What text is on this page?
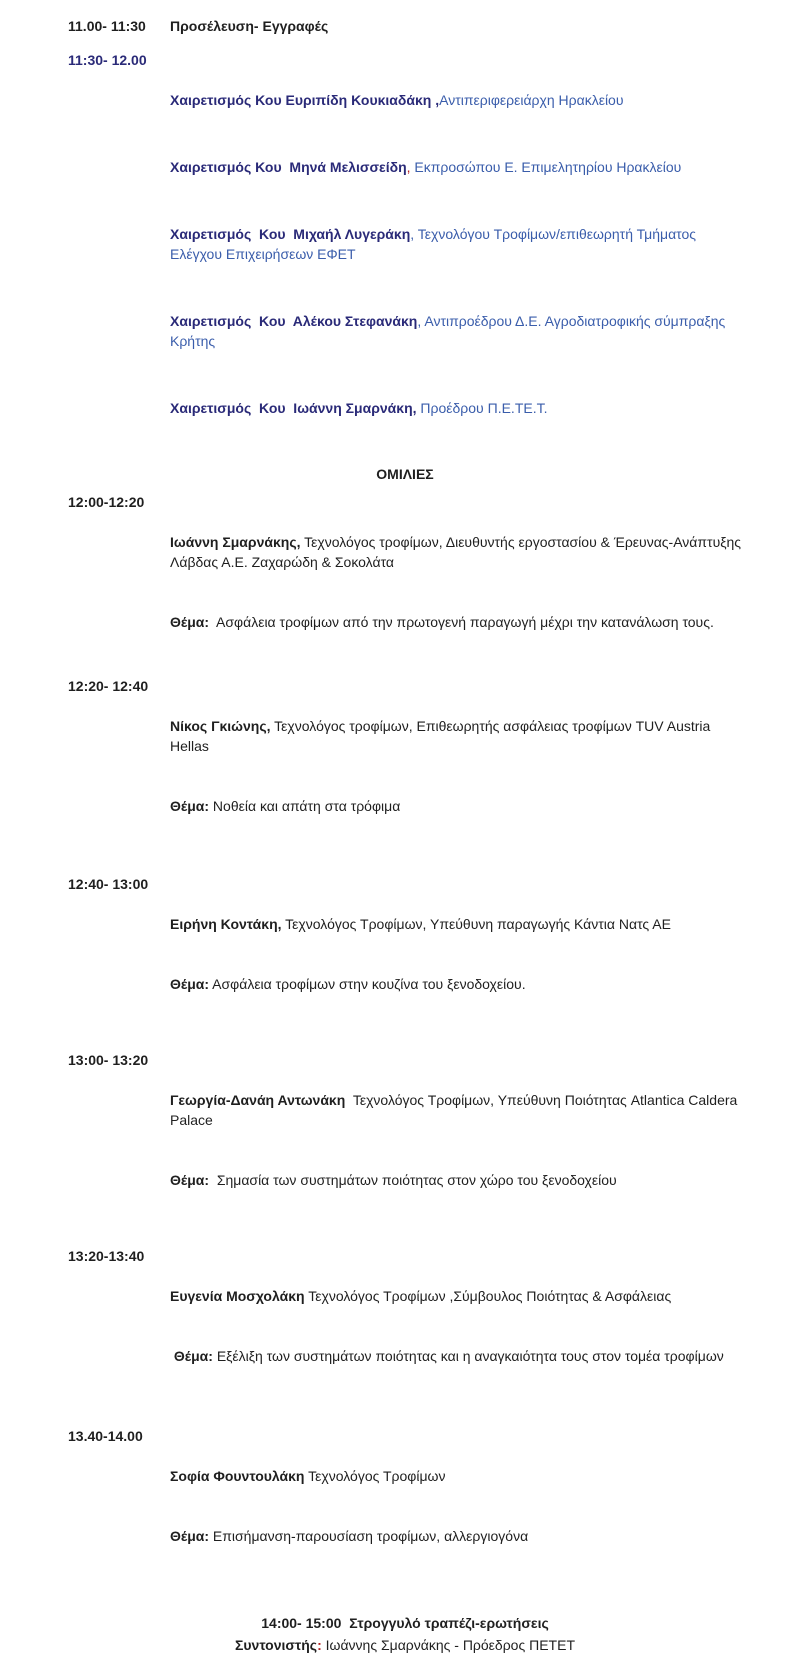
11.00- 11:30	Προσέλευση- Εγγραφές
11:30- 12.00

Χαιρετισμός Κου Ευριπίδη Κουκιαδάκη ,Αντιπεριφερειάρχη Ηρακλείου

Χαιρετισμός Κου  Μηνά Μελισσείδη, Εκπροσώπου Ε. Επιμελητηρίου Ηρακλείου

Χαιρετισμός  Κου  Μιχαήλ Λυγεράκη, Τεχνολόγου Τροφίμων/επιθεωρητή Τμήματος Ελέγχου Επιχειρήσεων ΕΦΕΤ

Χαιρετισμός  Κου  Αλέκου Στεφανάκη, Αντιπροέδρου Δ.Ε. Αγροδιατροφικής σύμπραξης Κρήτης

Χαιρετισμός  Κου  Ιωάννη Σμαρνάκη, Προέδρου Π.Ε.ΤΕ.Τ.

ΟΜΙΛΙΕΣ
12:00-12:20

Ιωάννη Σμαρνάκης, Τεχνολόγος τροφίμων, Διευθυντής εργοστασίου & Έρευνας-Ανάπτυξης Λάβδας Α.Ε. Ζαχαρώδη & Σοκολάτα

Θέμα:  Ασφάλεια τροφίμων από την πρωτογενή παραγωγή μέχρι την κατανάλωση τους.

12:20- 12:40

Νίκος Γκιώνης, Τεχνολόγος τροφίμων, Επιθεωρητής ασφάλειας τροφίμων TUV Austria Hellas

Θέμα: Νοθεία και απάτη στα τρόφιμα

12:40- 13:00

Ειρήνη Κοντάκη, Τεχνολόγος Τροφίμων, Υπεύθυνη παραγωγής Κάντια Νατς ΑΕ

Θέμα: Ασφάλεια τροφίμων στην κουζίνα του ξενοδοχείου.

13:00- 13:20

Γεωργία-Δανάη Αντωνάκη  Τεχνολόγος Τροφίμων, Υπεύθυνη Ποιότητας Atlantica Caldera Palace

Θέμα:  Σημασία των συστημάτων ποιότητας στον χώρο του ξενοδοχείου

13:20-13:40

Ευγενία Μοσχολάκη Τεχνολόγος Τροφίμων ,Σύμβουλος Ποιότητας & Ασφάλειας

Θέμα: Εξέλιξη των συστημάτων ποιότητας και η αναγκαιότητα τους στον τομέα τροφίμων

13.40-14.00

Σοφία Φουντουλάκη Τεχνολόγος Τροφίμων

Θέμα: Επισήμανση-παρουσίαση τροφίμων, αλλεργιογόνα

14:00- 15:00  Στρογγυλό τραπέζι-ερωτήσεις

Συντονιστής: Ιωάννης Σμαρνάκης - Πρόεδρος ΠΕΤΕΤ
